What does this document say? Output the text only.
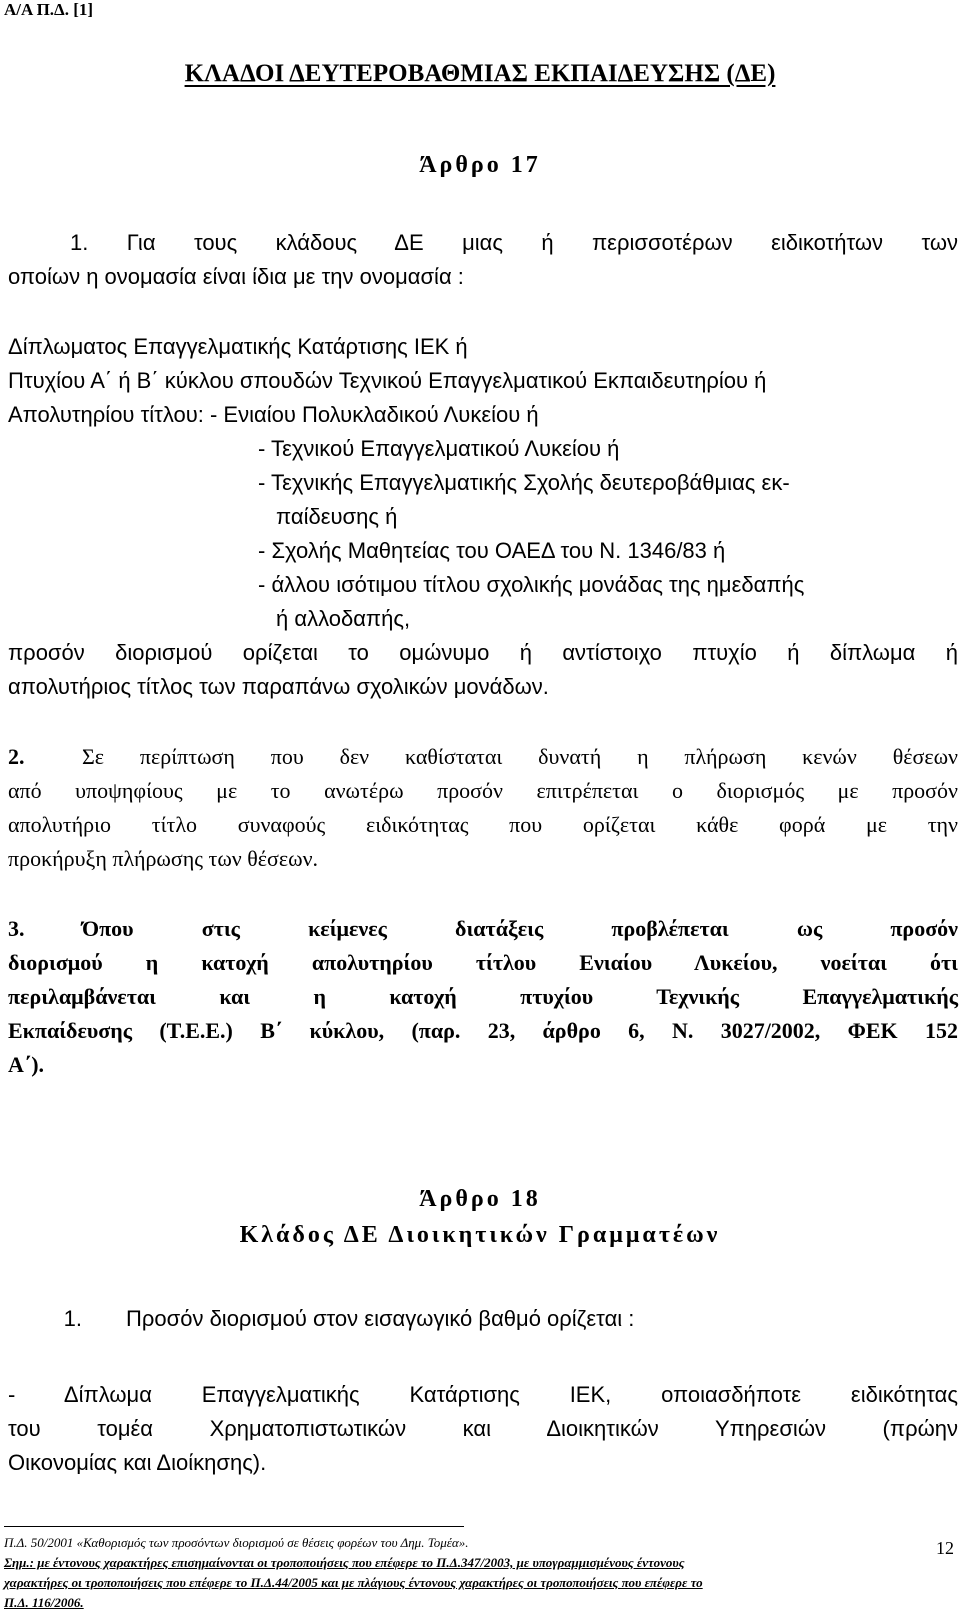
Α/Α Π.Δ. [1]
ΚΛΑΔΟΙ ΔΕΥΤΕΡΟΒΑΘΜΙΑΣ ΕΚΠΑΙΔΕΥΣΗΣ (ΔΕ)
Άρθρο 17
1. Για τους κλάδους ΔΕ μιας ή περισσοτέρων ειδικοτήτων των
οποίων η ονομασία είναι ίδια με την ονομασία :
Δίπλωματος Επαγγελματικής Κατάρτισης ΙΕΚ ή
Πτυχίου Α΄ ή Β΄ κύκλου σπουδών Τεχνικού Επαγγελματικού Εκπαιδευτηρίου ή
Απολυτηρίου τίτλου: - Ενιαίου Πολυκλαδικού Λυκείου ή
- Τεχνικού Επαγγελματικού Λυκείου ή
- Τεχνικής Επαγγελματικής Σχολής δευτεροβάθμιας εκ-
παίδευσης ή
- Σχολής Μαθητείας του ΟΑΕΔ του Ν. 1346/83 ή
- άλλου ισότιμου τίτλου σχολικής μονάδας της ημεδαπής
ή αλλοδαπής,
προσόν διορισμού ορίζεται το ομώνυμο ή αντίστοιχο πτυχίο ή δίπλωμα ή
απολυτήριος τίτλος των παραπάνω σχολικών μονάδων.
2.	Σε περίπτωση που δεν καθίσταται δυνατή η πλήρωση κενών θέσεων
από υποψηφίους με το ανωτέρω προσόν επιτρέπεται ο διορισμός με προσόν
απολυτήριο τίτλο συναφούς ειδικότητας που ορίζεται κάθε φορά με την
προκήρυξη πλήρωσης των θέσεων.
3.	Όπου στις κείμενες διατάξεις προβλέπεται ως προσόν
διορισμού η κατοχή απολυτηρίου τίτλου Ενιαίου Λυκείου, νοείται ότι
περιλαμβάνεται και η κατοχή πτυχίου Τεχνικής Επαγγελματικής
Εκπαίδευσης (Τ.Ε.Ε.) Β΄ κύκλου, (παρ. 23, άρθρο 6, Ν. 3027/2002, ΦΕΚ 152
Α΄).
Άρθρο 18
Κλάδος ΔΕ Διοικητικών Γραμματέων
1. Προσόν διορισμού στον εισαγωγικό βαθμό ορίζεται :
- Δίπλωμα Επαγγελματικής Κατάρτισης ΙΕΚ, οποιασδήποτε ειδικότητας
του τομέα Χρηματοπιστωτικών και Διοικητικών Υπηρεσιών (πρώην
Οικονομίας και Διοίκησης).
Π.Δ. 50/2001 «Καθορισμός των προσόντων διορισμού σε θέσεις φορέων του Δημ. Τομέα».
Σημ.: με έντονους χαρακτήρες επισημαίνονται οι τροποποιήσεις που επέφερε το Π.Δ.347/2003, με υπογραμμισμένους έντονους
χαρακτήρες οι τροποποιήσεις που επέφερε το Π.Δ.44/2005 και με πλάγιους έντονους χαρακτήρες οι τροποποιήσεις που επέφερε το
Π.Δ. 116/2006.
12
